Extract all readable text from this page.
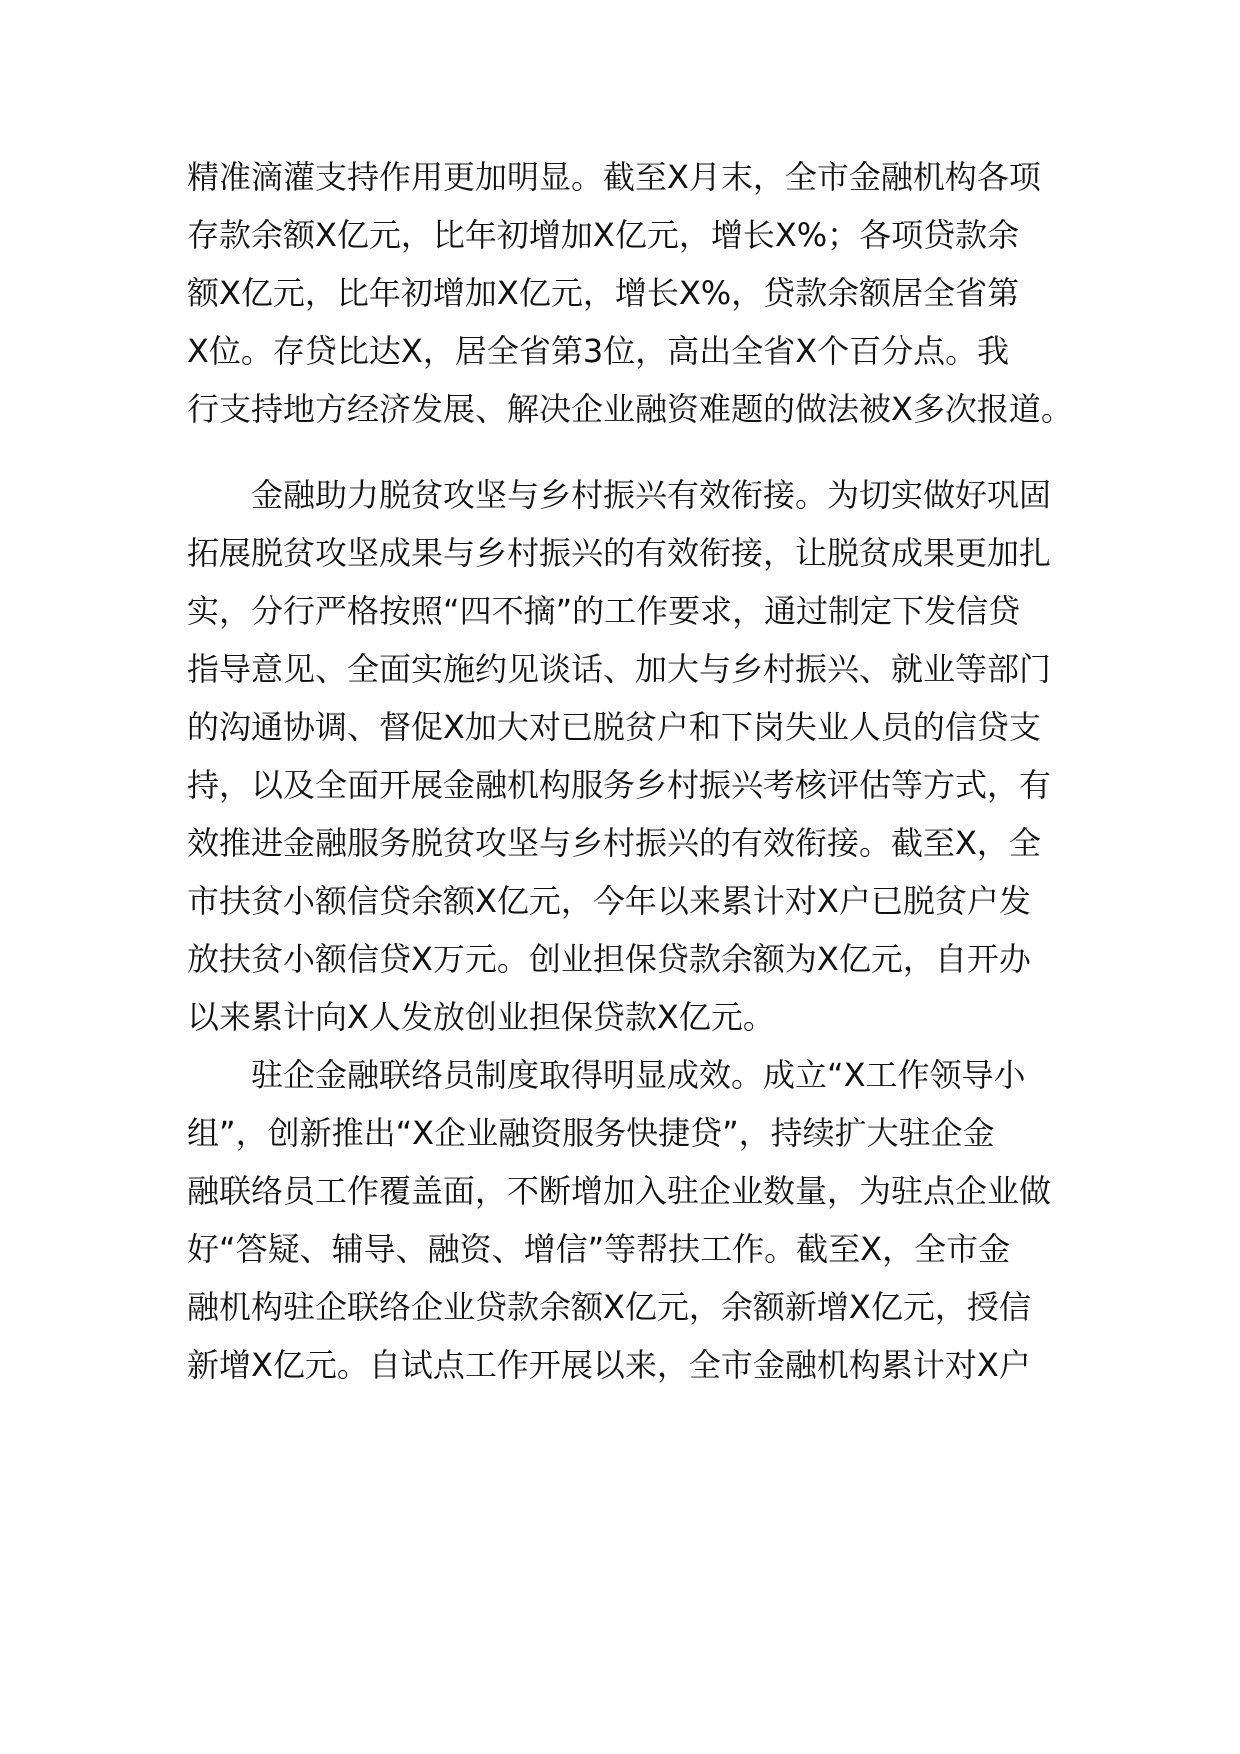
精准滴灌支持作用更加明显。截至X月末，全市金融机构各项
存款余额X亿元，比年初增加X亿元，增长X%；各项贷款余
额X亿元，比年初增加X亿元，增长X%，贷款余额居全省第
X位。存贷比达X，居全省第3位，高出全省X个百分点。我
行支持地方经济发展、解决企业融资难题的做法被X多次报道。
金融助力脱贫攻坚与乡村振兴有效衔接。为切实做好巩固
拓展脱贫攻坚成果与乡村振兴的有效衔接，让脱贫成果更加扎
实，分行严格按照“四不摘”的工作要求，通过制定下发信贷
指导意见、全面实施约见谈话、加大与乡村振兴、就业等部门
的沟通协调、督促X加大对已脱贫户和下岗失业人员的信贷支
持，以及全面开展金融机构服务乡村振兴考核评估等方式，有
效推进金融服务脱贫攻坚与乡村振兴的有效衔接。截至X，全
市扶贫小额信贷余额X亿元，今年以来累计对X户已脱贫户发
放扶贫小额信贷X万元。创业担保贷款余额为X亿元，自开办
以来累计向X人发放创业担保贷款X亿元。
驻企金融联络员制度取得明显成效。成立“X工作领导小
组”，创新推出“X企业融资服务快捷贷”，持续扩大驻企金
融联络员工作覆盖面，不断增加入驻企业数量，为驻点企业做
好“答疑、辅导、融资、增信”等帮扶工作。截至X，全市金
融机构驻企联络企业贷款余额X亿元，余额新增X亿元，授信
新增X亿元。自试点工作开展以来，全市金融机构累计对X户
